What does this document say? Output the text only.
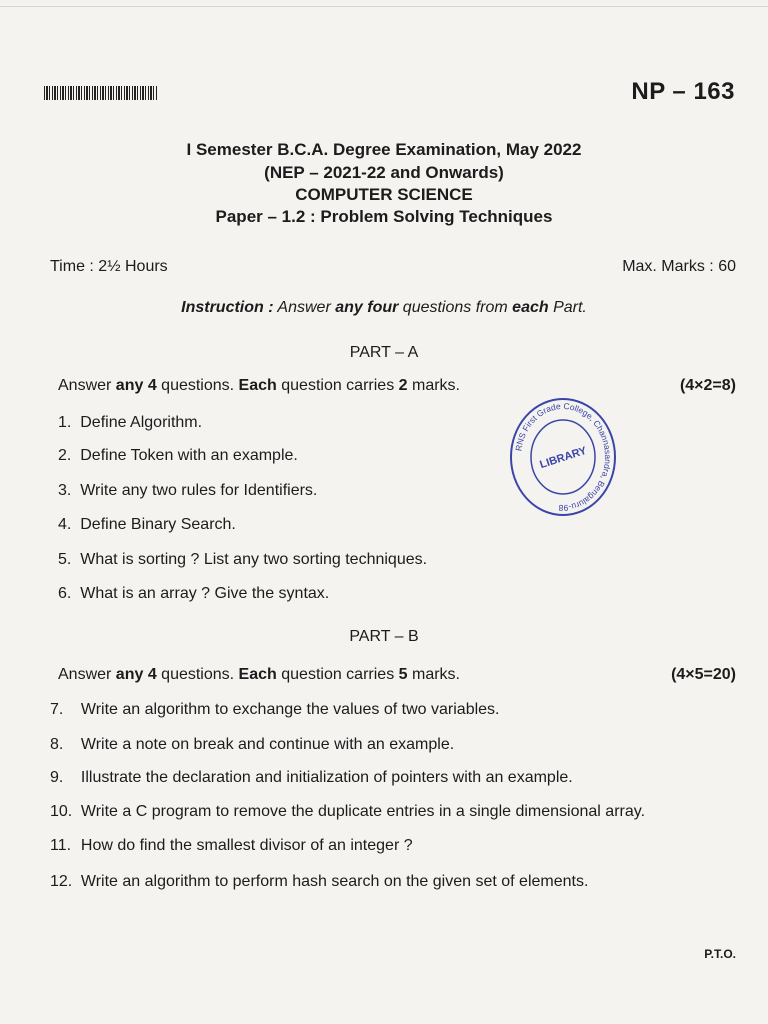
NP – 163
I Semester B.C.A. Degree Examination, May 2022
(NEP – 2021-22 and Onwards)
COMPUTER SCIENCE
Paper – 1.2 : Problem Solving Techniques
Time : 2½ Hours	Max. Marks : 60
Instruction : Answer any four questions from each Part.
PART – A
Answer any 4 questions. Each question carries 2 marks.	(4×2=8)
1. Define Algorithm.
2. Define Token with an example.
3. Write any two rules for Identifiers.
4. Define Binary Search.
5. What is sorting ? List any two sorting techniques.
6. What is an array ? Give the syntax.
PART – B
Answer any 4 questions. Each question carries 5 marks.	(4×5=20)
7. Write an algorithm to exchange the values of two variables.
8. Write a note on break and continue with an example.
9. Illustrate the declaration and initialization of pointers with an example.
10. Write a C program to remove the duplicate entries in a single dimensional array.
11. How do find the smallest divisor of an integer ?
12. Write an algorithm to perform hash search on the given set of elements.
RNS First Grade College, Channasandra, Bengaluru-98
LIBRARY
P.T.O.
